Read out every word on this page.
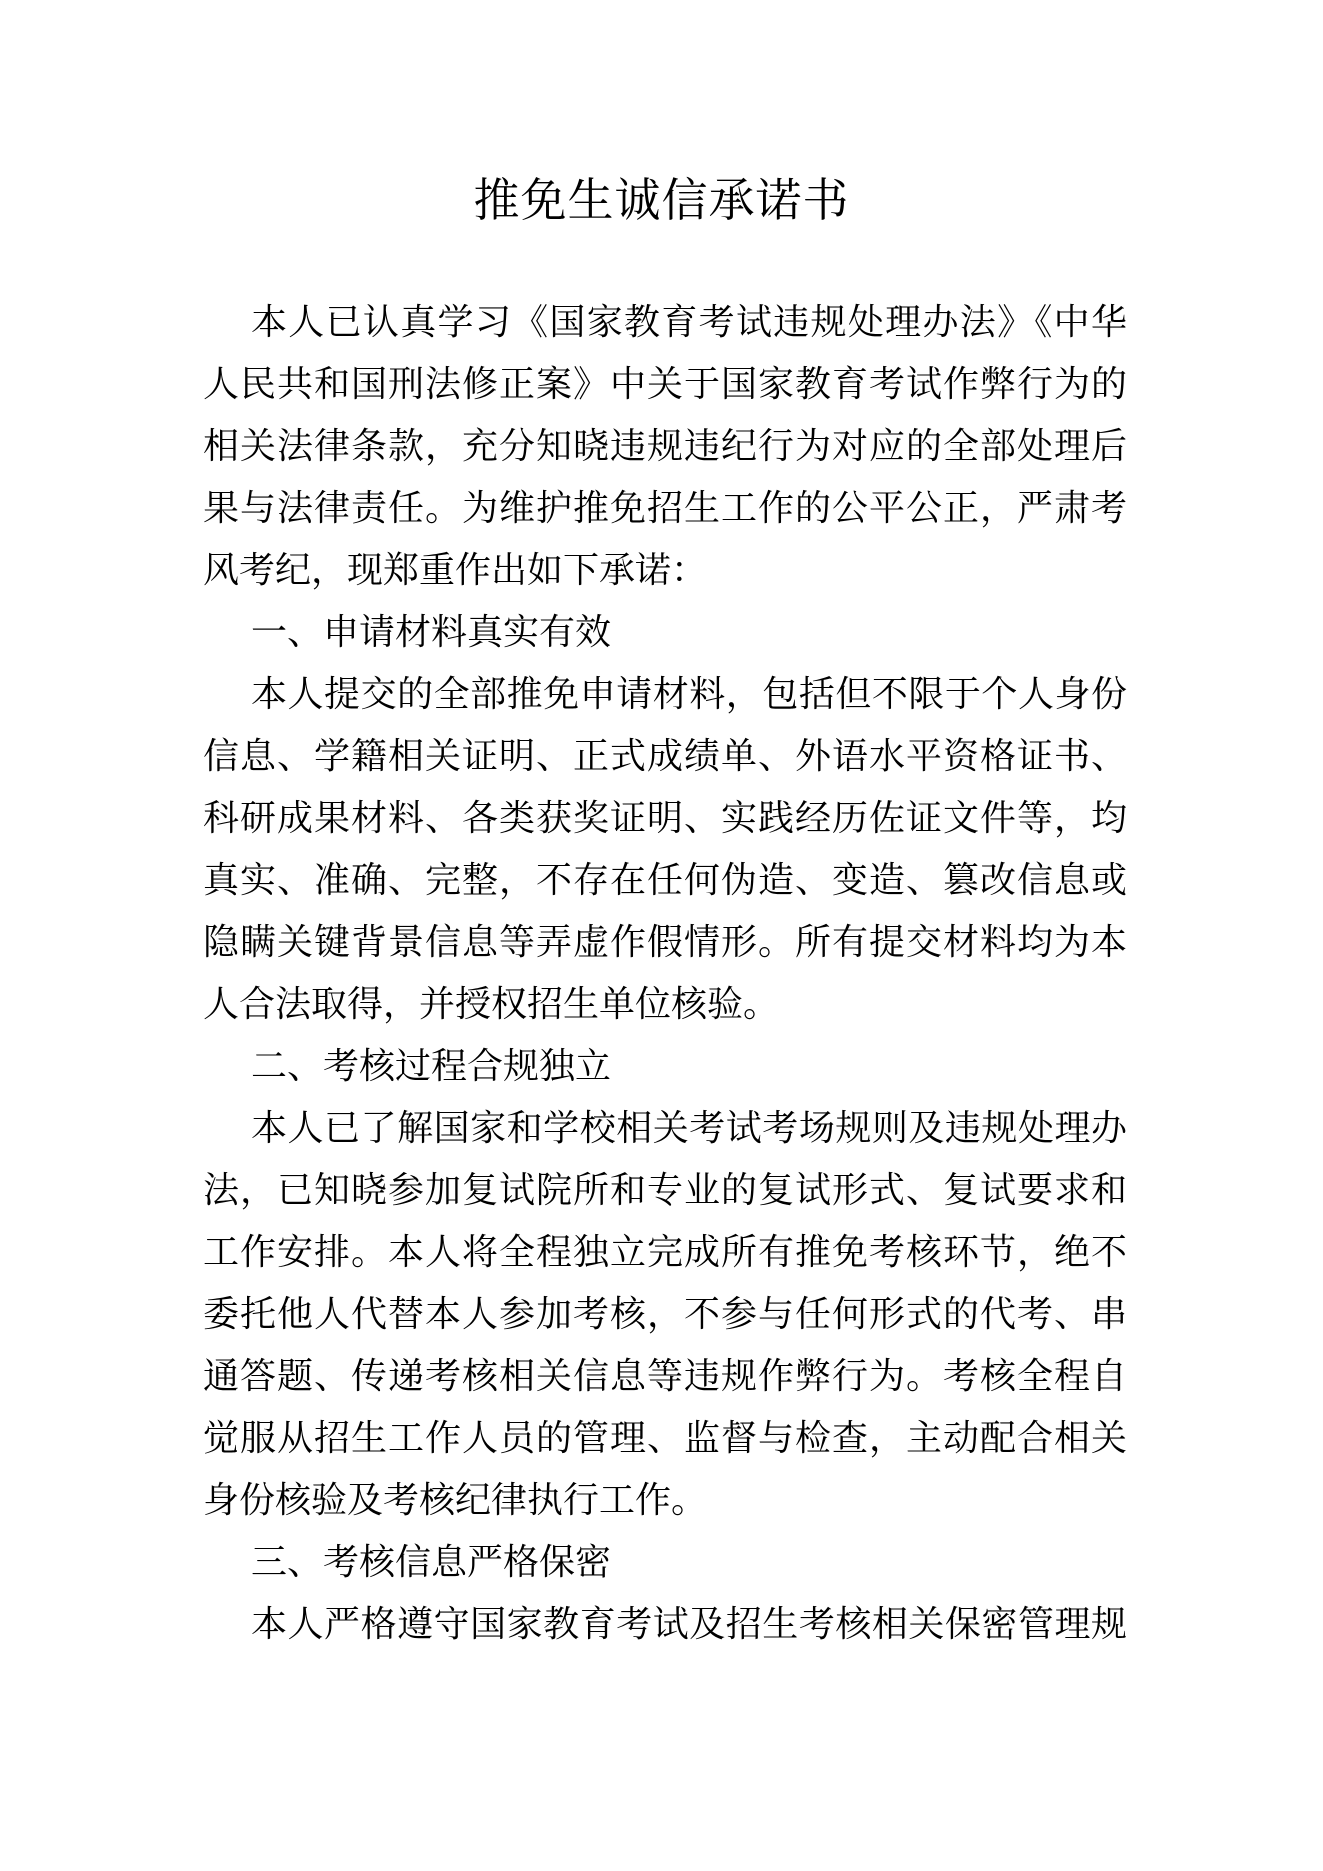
推免生诚信承诺书
本人已认真学习《国家教育考试违规处理办法》《中华
人民共和国刑法修正案》中关于国家教育考试作弊行为的
相关法律条款，充分知晓违规违纪行为对应的全部处理后
果与法律责任。为维护推免招生工作的公平公正，严肃考
风考纪，现郑重作出如下承诺：
一、申请材料真实有效
本人提交的全部推免申请材料，包括但不限于个人身份
信息、学籍相关证明、正式成绩单、外语水平资格证书、
科研成果材料、各类获奖证明、实践经历佐证文件等，均
真实、准确、完整，不存在任何伪造、变造、篡改信息或
隐瞒关键背景信息等弄虚作假情形。所有提交材料均为本
人合法取得，并授权招生单位核验。
二、考核过程合规独立
本人已了解国家和学校相关考试考场规则及违规处理办
法，已知晓参加复试院所和专业的复试形式、复试要求和
工作安排。本人将全程独立完成所有推免考核环节，绝不
委托他人代替本人参加考核，不参与任何形式的代考、串
通答题、传递考核相关信息等违规作弊行为。考核全程自
觉服从招生工作人员的管理、监督与检查，主动配合相关
身份核验及考核纪律执行工作。
三、考核信息严格保密
本人严格遵守国家教育考试及招生考核相关保密管理规
